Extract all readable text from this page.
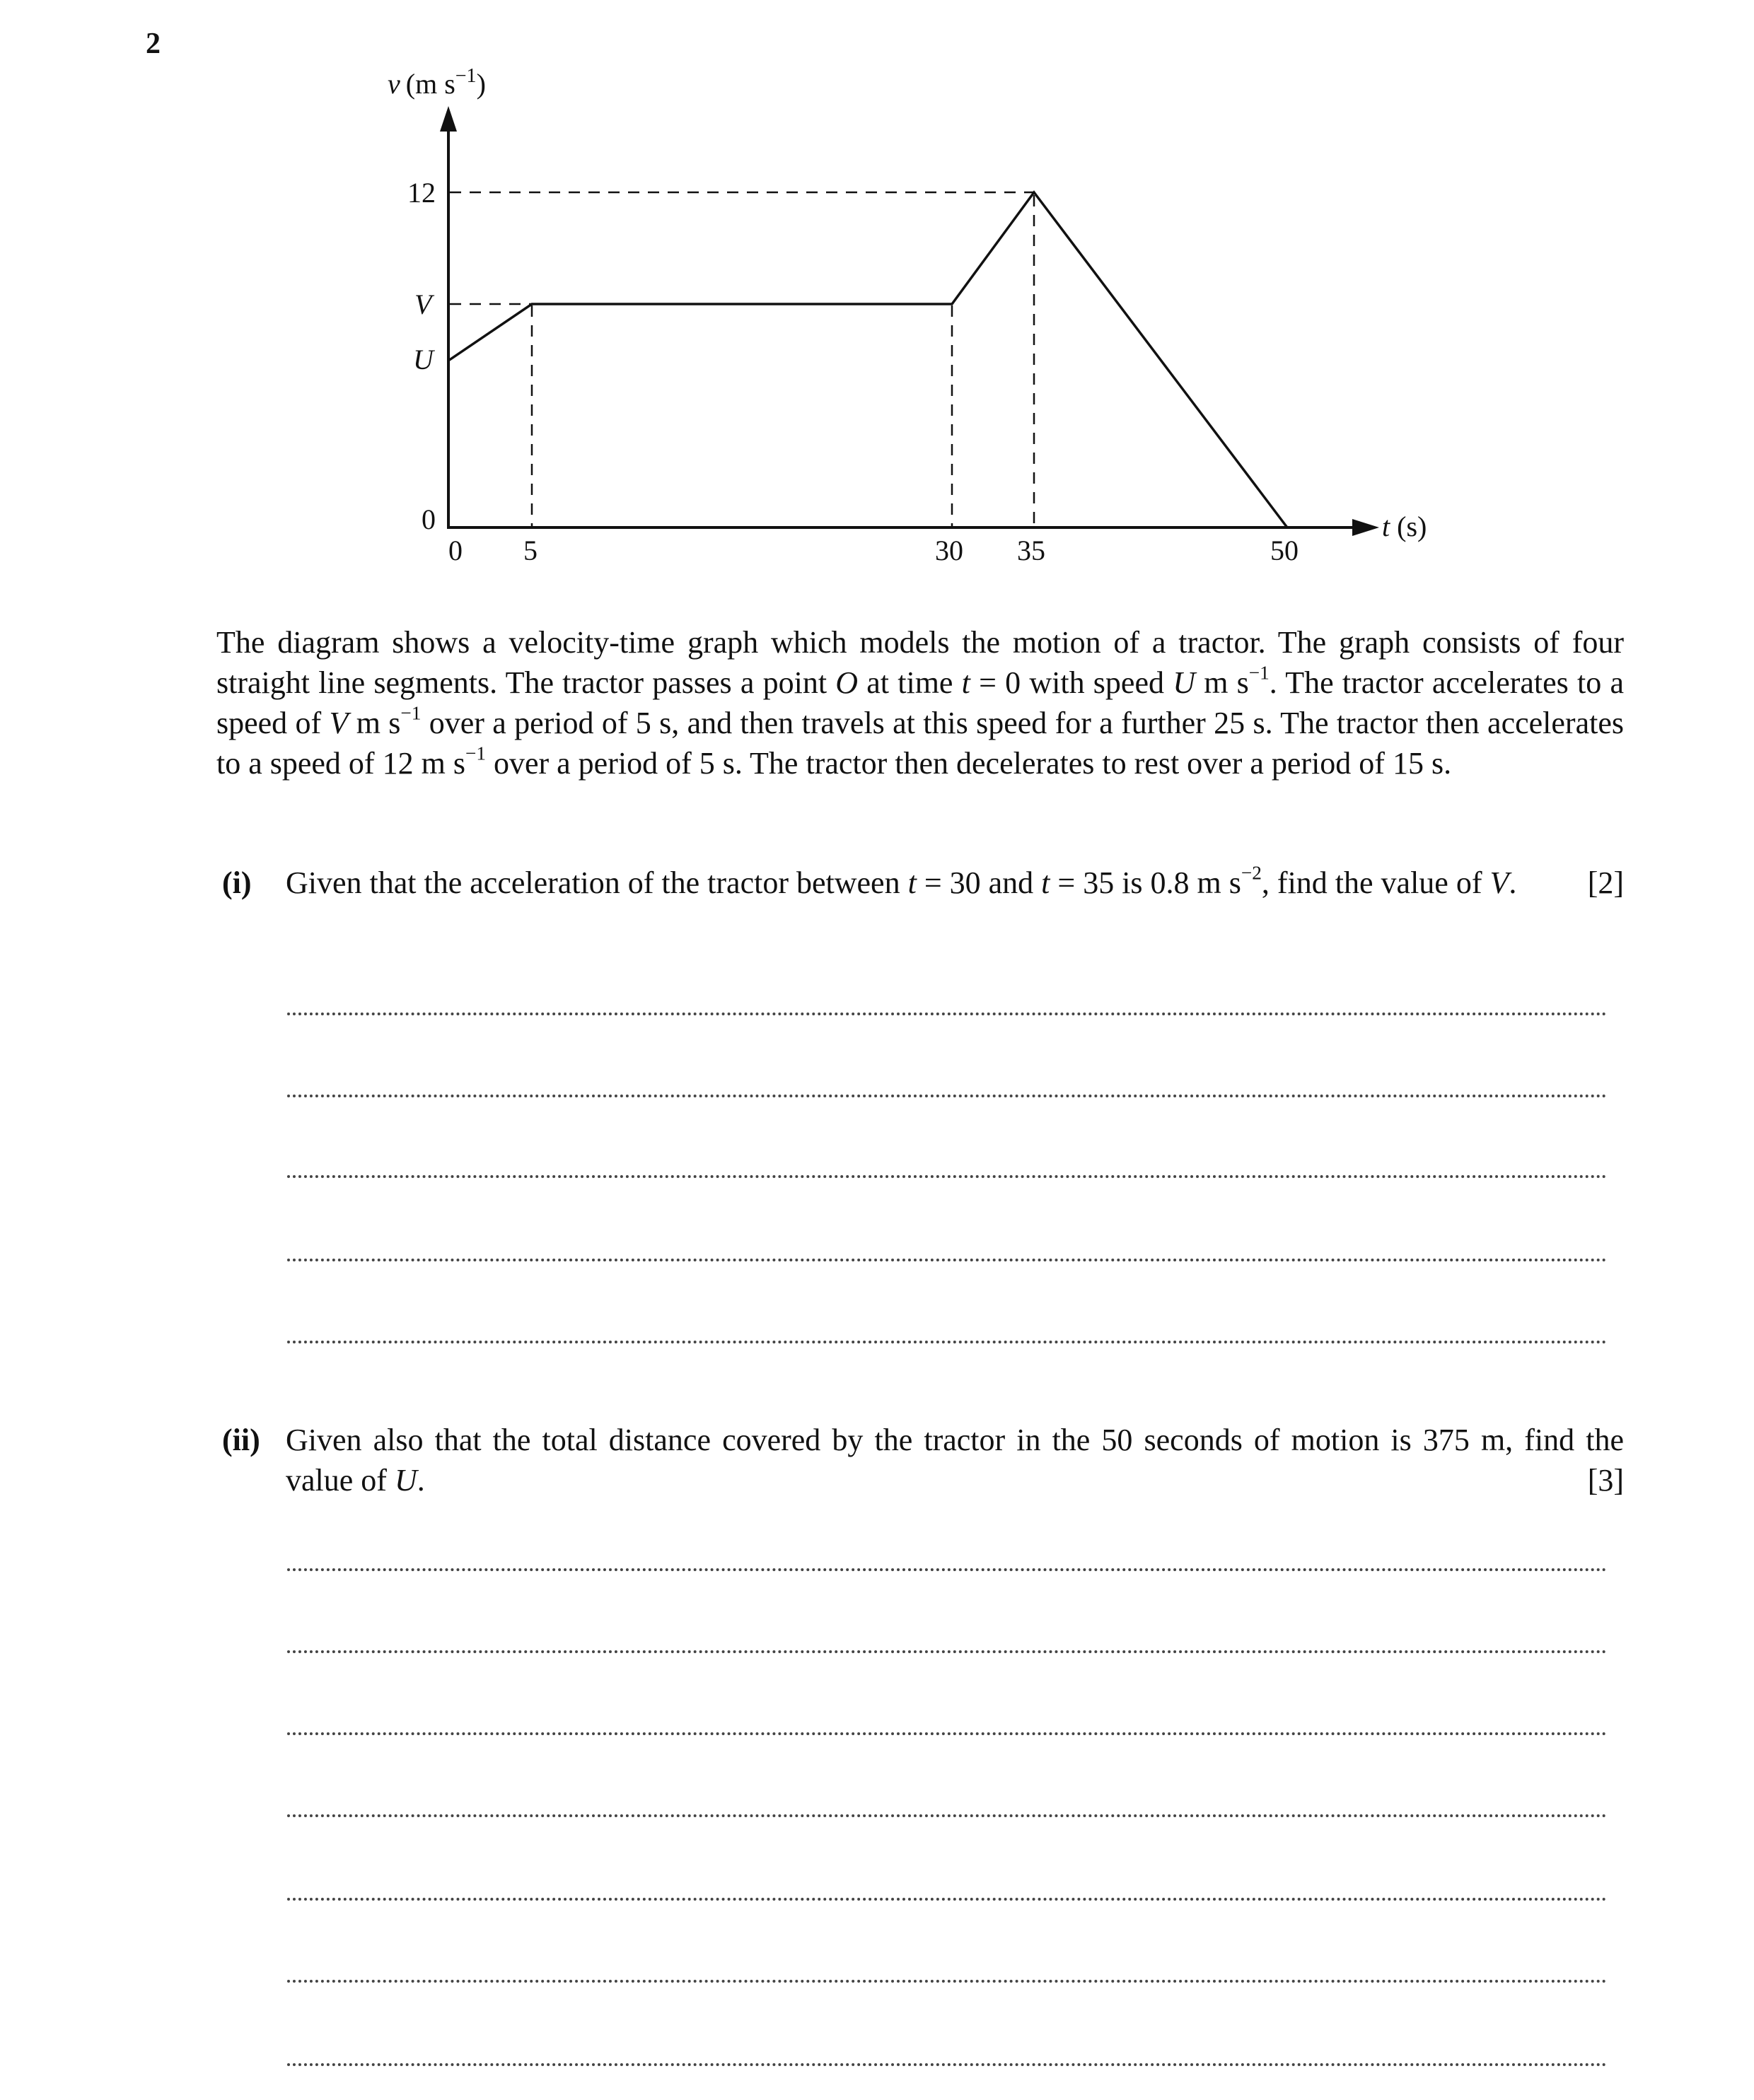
2
v (m $s^{-1}$)
12
V
U
0
0 5	30 35	50
t (s)

The diagram shows a velocity-time graph which models the motion of a tractor. The graph consists of four straight line segments. The tractor passes a point O at time t = 0 with speed U m $s^{-1}$. The tractor accelerates to a speed of V m $s^{-1}$ over a period of 5 s, and then travels at this speed for a further 25 s. The tractor then accelerates to a speed of 12 m $s^{-1}$ over a period of 5 s. The tractor then decelerates to rest over a period of 15 s.

(i) Given that the acceleration of the tractor between t = 30 and t = 35 is 0.8 m $s^{-2}$, find the value of V.	[2]
(ii) Given also that the total distance covered by the tractor in the 50 seconds of motion is 375 m, find the value of U.	[3]
